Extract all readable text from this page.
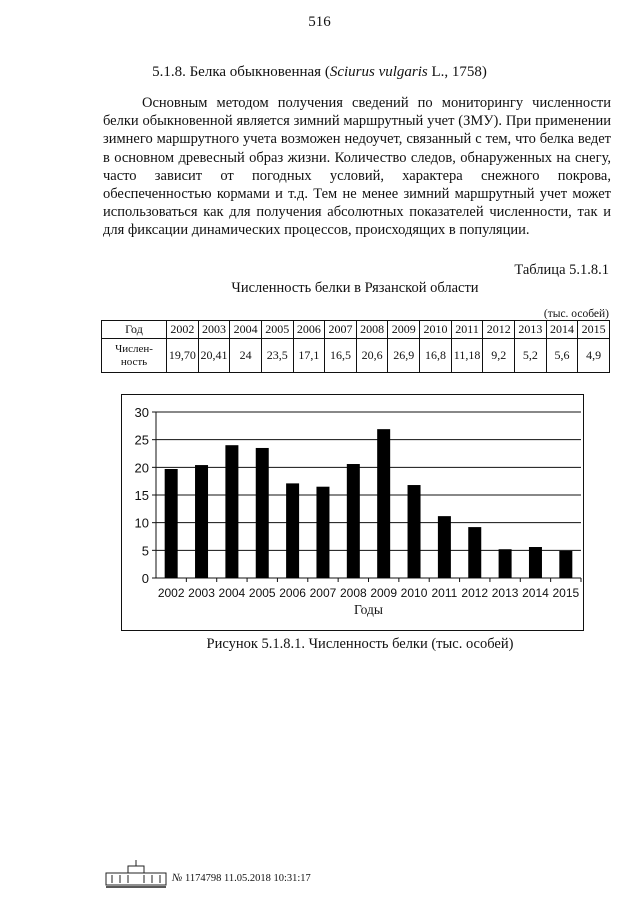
516
5.1.8. Белка обыкновенная (Sciurus vulgaris L., 1758)
Основным методом получения сведений по мониторингу численности белки обыкновенной является зимний маршрутный учет (ЗМУ). При применении зимнего маршрутного учета возможен недоучет, связанный с тем, что белка ведет в основном древесный образ жизни. Количество следов, обнаруженных на снегу, часто зависит от погодных условий, характера снежного покрова, обеспеченностью кормами и т.д. Тем не менее зимний маршрутный учет может использоваться как для получения абсолютных показателей численности, так и для фиксации динамических процессов, происходящих в популяции.
Таблица 5.1.8.1
Численность белки в Рязанской области
(тыс. особей)
Год	2002	2003	2004	2005	2006	2007	2008	2009	2010	2011	2012	2013	2014	2015
Числен-ность	19,70	20,41	24	23,5	17,1	16,5	20,6	26,9	16,8	11,18	9,2	5,2	5,6	4,9
0
5
10
15
20
25
30
2002 2003 2004 2005 2006 2007 2008 2009 2010 2011 2012 2013 2014 2015
Годы
Рисунок 5.1.8.1. Численность белки (тыс. особей)
№ 1174798 11.05.2018 10:31:17
